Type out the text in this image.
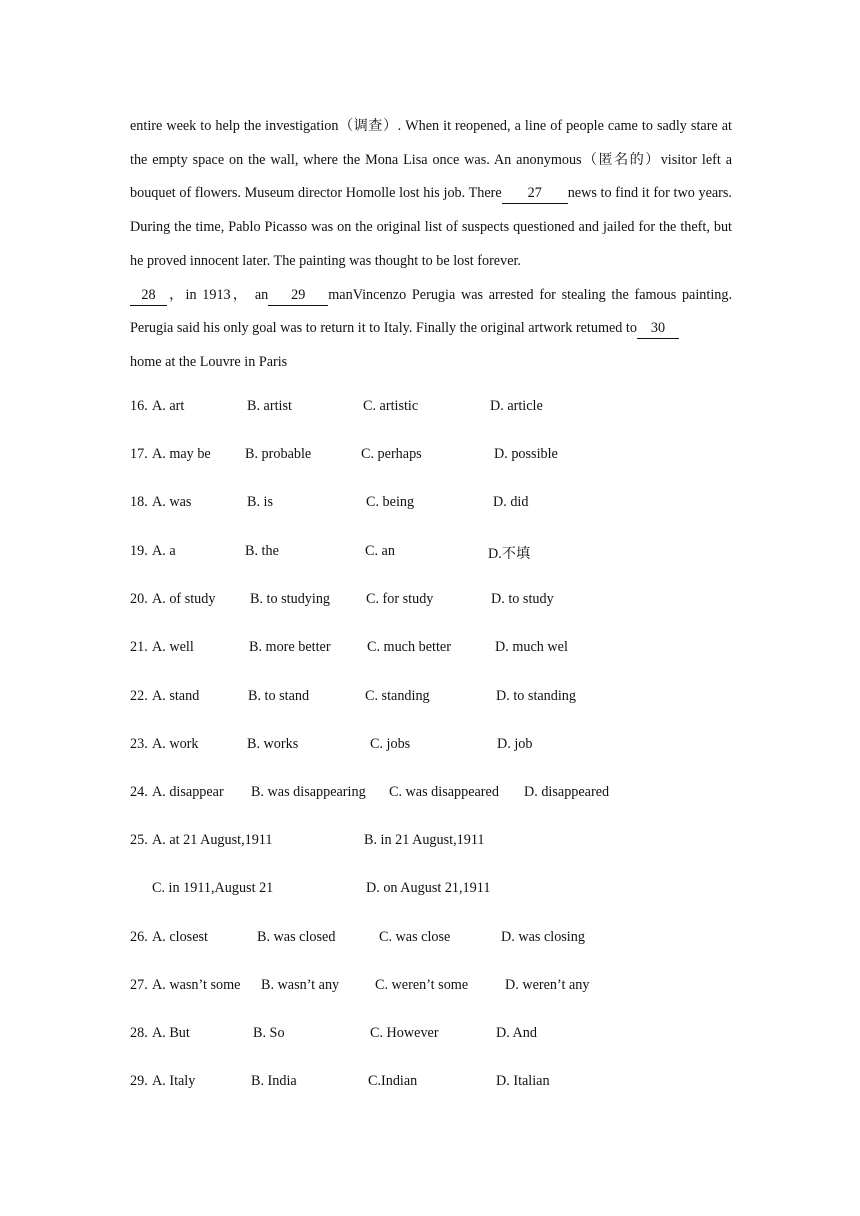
entire week to help the investigation（调查）. When it reopened, a line of people came to sadly stare at the empty space on the wall, where the Mona Lisa once was. An anonymous（匿名的）visitor left a bouquet of flowers. Museum director Homolle lost his job. There 27 news to find it for two years. During the time, Pablo Picasso was on the original list of suspects questioned and jailed for the theft, but he proved innocent later. The painting was thought to be lost forever.
28 ，in 1913， an 29 manVincenzo Perugia was arrested for stealing the famous painting. Perugia said his only goal was to return it to Italy. Finally the original artwork retumed to 30
home at the Louvre in Paris

16. A. art	B. artist	C. artistic	D. article
17. A. may be B. probable	C. perhaps	D. possible
18. A. was	B. is	C. being	D. did
19. A. a	B. the	C. an	D.不填
20. A. of study B. to studying	C. for study	D. to study
21. A. well	B. more better	C. much better	D. much wel
22. A. stand	B. to stand	C. standing	D. to standing
23. A. work	B. works	C. jobs	D. job
24. A. disappear B. was disappearing C. was disappeared D. disappeared
25. A. at 21 August,1911	B. in 21 August,1911
C. in 1911,August 21	D. on August 21,1911
26. A. closest	B. was closed	C. was close	D. was closing
27. A. wasn’t some B. wasn’t any	C. weren’t some	D. weren’t any
28. A. But	B. So	C. However	D. And
29. A. Italy	B. India	C.Indian	D. Italian
